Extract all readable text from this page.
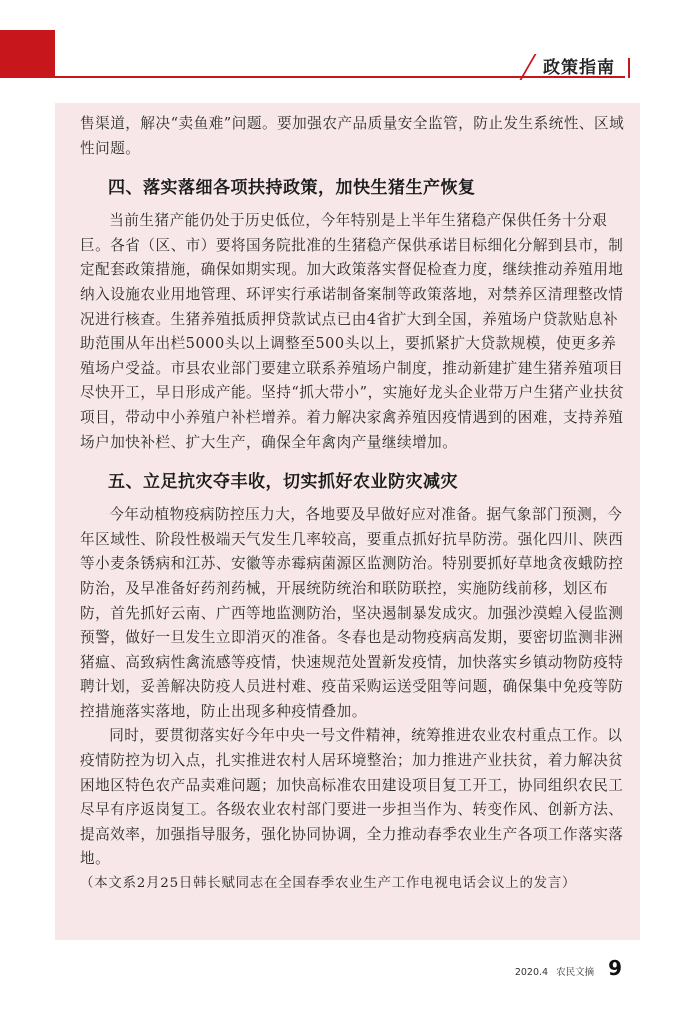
政策指南

售渠道，解决“卖鱼难”问题。要加强农产品质量安全监管，防止发生系统性、区域性问题。

四、落实落细各项扶持政策，加快生猪生产恢复

当前生猪产能仍处于历史低位，今年特别是上半年生猪稳产保供任务十分艰巨。各省（区、市）要将国务院批准的生猪稳产保供承诺目标细化分解到县市，制定配套政策措施，确保如期实现。加大政策落实督促检查力度，继续推动养殖用地纳入设施农业用地管理、环评实行承诺制备案制等政策落地，对禁养区清理整改情况进行核查。生猪养殖抵质押贷款试点已由4省扩大到全国，养殖场户贷款贴息补助范围从年出栏5000头以上调整至500头以上，要抓紧扩大贷款规模，使更多养殖场户受益。市县农业部门要建立联系养殖场户制度，推动新建扩建生猪养殖项目尽快开工，早日形成产能。坚持“抓大带小”，实施好龙头企业带万户生猪产业扶贫项目，带动中小养殖户补栏增养。着力解决家禽养殖因疫情遇到的困难，支持养殖场户加快补栏、扩大生产，确保全年禽肉产量继续增加。

五、立足抗灾夺丰收，切实抓好农业防灾减灾

今年动植物疫病防控压力大，各地要及早做好应对准备。据气象部门预测，今年区域性、阶段性极端天气发生几率较高，要重点抓好抗旱防涝。强化四川、陕西等小麦条锈病和江苏、安徽等赤霉病菌源区监测防治。特别要抓好草地贪夜蛾防控防治，及早准备好药剂药械，开展统防统治和联防联控，实施防线前移，划区布防，首先抓好云南、广西等地监测防治，坚决遏制暴发成灾。加强沙漠蝗入侵监测预警，做好一旦发生立即消灭的准备。冬春也是动物疫病高发期，要密切监测非洲猪瘟、高致病性禽流感等疫情，快速规范处置新发疫情，加快落实乡镇动物防疫特聘计划，妥善解决防疫人员进村难、疫苗采购运送受阻等问题，确保集中免疫等防控措施落实落地，防止出现多种疫情叠加。

同时，要贯彻落实好今年中央一号文件精神，统筹推进农业农村重点工作。以疫情防控为切入点，扎实推进农村人居环境整治；加力推进产业扶贫，着力解决贫困地区特色农产品卖难问题；加快高标准农田建设项目复工开工，协同组织农民工尽早有序返岗复工。各级农业农村部门要进一步担当作为、转变作风、创新方法、提高效率，加强指导服务，强化协同协调，全力推动春季农业生产各项工作落实落地。

（本文系2月25日韩长赋同志在全国春季农业生产工作电视电话会议上的发言）

2020.4 农民文摘 9
